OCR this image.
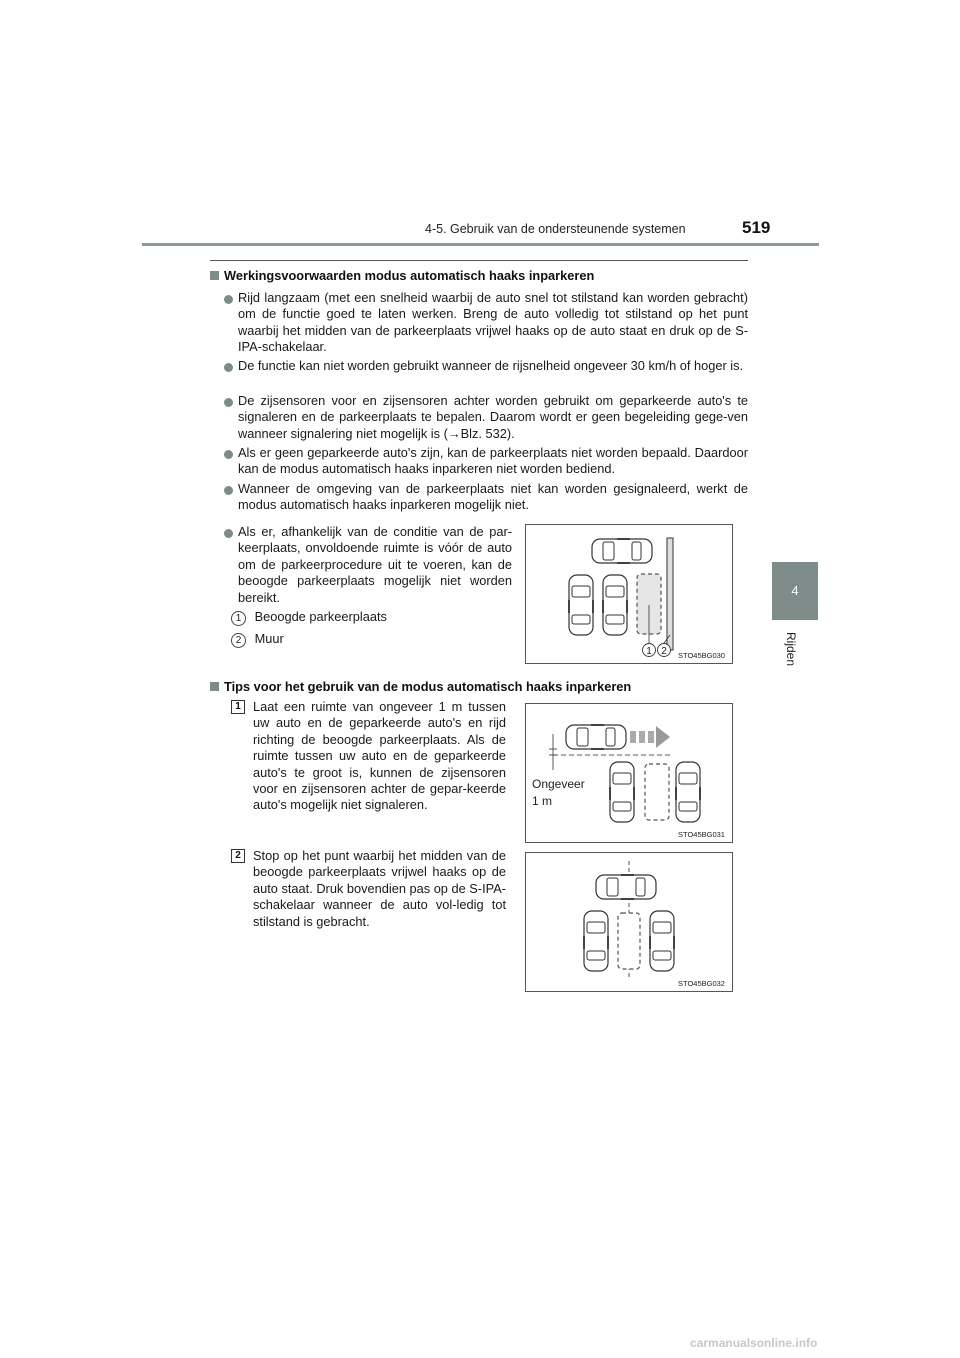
4-5. Gebruik van de ondersteunende systemen	519
4
Rijden
Werkingsvoorwaarden modus automatisch haaks inparkeren
Rijd langzaam (met een snelheid waarbij de auto snel tot stilstand kan worden gebracht) om de functie goed te laten werken. Breng de auto volledig tot stilstand op het punt waarbij het midden van de parkeerplaats vrijwel haaks op de auto staat en druk op de S-IPA-schakelaar.
De functie kan niet worden gebruikt wanneer de rijsnelheid ongeveer 30 km/h of hoger is.
De zijsensoren voor en zijsensoren achter worden gebruikt om geparkeerde auto's te signaleren en de parkeerplaats te bepalen. Daarom wordt er geen begeleiding gege-ven wanneer signalering niet mogelijk is (→Blz. 532).
Als er geen geparkeerde auto's zijn, kan de parkeerplaats niet worden bepaald. Daardoor kan de modus automatisch haaks inparkeren niet worden bediend.
Wanneer de omgeving van de parkeerplaats niet kan worden gesignaleerd, werkt de modus automatisch haaks inparkeren mogelijk niet.
Als er, afhankelijk van de conditie van de par-keerplaats, onvoldoende ruimte is vóór de auto om de parkeerprocedure uit te voeren, kan de beoogde parkeerplaats mogelijk niet worden bereikt.
1 Beoogde parkeerplaats
2 Muur
1 2 STO45BG030
Tips voor het gebruik van de modus automatisch haaks inparkeren
1 Laat een ruimte van ongeveer 1 m tussen uw auto en de geparkeerde auto's en rijd richting de beoogde parkeerplaats. Als de ruimte tussen uw auto en de geparkeerde auto's te groot is, kunnen de zijsensoren voor en zijsensoren achter de gepar-keerde auto's mogelijk niet signaleren.
Ongeveer
1 m
STO45BG031
2 Stop op het punt waarbij het midden van de beoogde parkeerplaats vrijwel haaks op de auto staat. Druk bovendien pas op de S-IPA-schakelaar wanneer de auto vol-ledig tot stilstand is gebracht.
STO45BG032
carmanualsonline.info
